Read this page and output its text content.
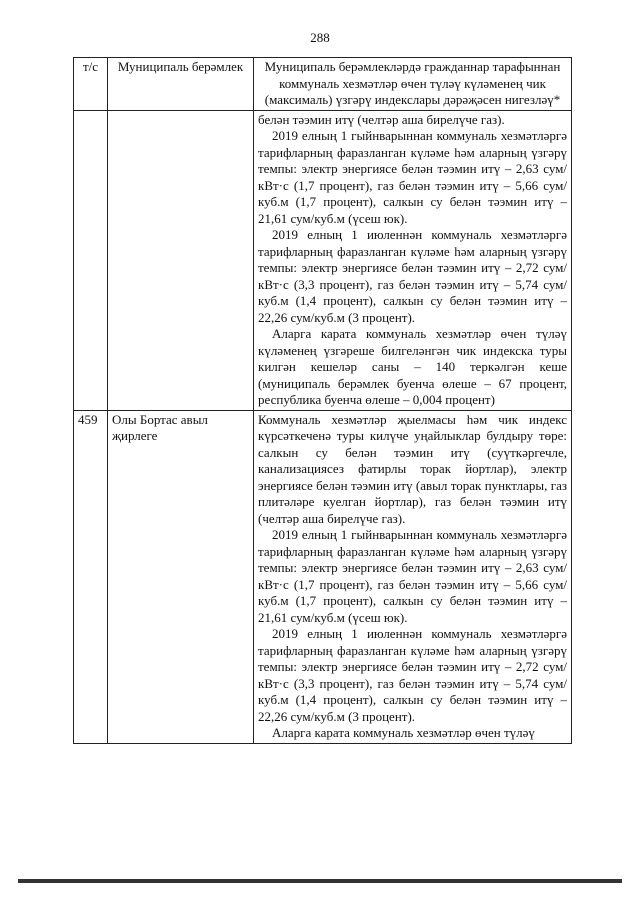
288
т/с	Муниципаль берәмлек	Муниципаль берәмлекләрдә гражданнар тарафыннан коммуналь хезмәтләр өчен түләү күләменең чик (максималь) үзгәрү индекслары дәрәҗәсен нигезләү*

		белән тәэмин итү (челтәр аша бирелүче газ).

2019 елның 1 гыйнварыннан коммуналь хезмәтләргә тарифларның фаразланган күләме һәм аларның үзгәрү темпы: электр энергиясе белән тәэмин итү – 2,63 сум/кВт·с (1,7 процент), газ белән тәэмин итү – 5,66 сум/куб.м (1,7 процент), салкын су белән тәэмин итү – 21,61 сум/куб.м (үсеш юк).

2019 елның 1 июленнән коммуналь хезмәтләргә тарифларның фаразланган күләме һәм аларның үзгәрү темпы: электр энергиясе белән тәэмин итү – 2,72 сум/кВт·с (3,3 процент), газ белән тәэмин итү – 5,74 сум/куб.м (1,4 процент), салкын су белән тәэмин итү – 22,26 сум/куб.м (3 процент).

Аларга карата коммуналь хезмәтләр өчен түләү күләменең үзгәреше билгеләнгән чик индекска туры килгән кешеләр саны – 140 теркәлгән кеше (муниципаль берәмлек буенча өлеше – 67 процент, республика буенча өлеше – 0,004 процент)

459	Олы Бортас авыл җирлеге	Коммуналь хезмәтләр җыелмасы һәм чик индекс күрсәткеченә туры килүче уңайлыклар булдыру төре: салкын су белән тәэмин итү (суүткәргечле, канализациясез фатирлы торак йортлар), электр энергиясе белән тәэмин итү (авыл торак пунктлары, газ плитәләре куелган йортлар), газ белән тәэмин итү (челтәр аша бирелүче газ).

2019 елның 1 гыйнварыннан коммуналь хезмәтләргә тарифларның фаразланган күләме һәм аларның үзгәрү темпы: электр энергиясе белән тәэмин итү – 2,63 сум/кВт·с (1,7 процент), газ белән тәэмин итү – 5,66 сум/куб.м (1,7 процент), салкын су белән тәэмин итү – 21,61 сум/куб.м (үсеш юк).

2019 елның 1 июленнән коммуналь хезмәтләргә тарифларның фаразланган күләме һәм аларның үзгәрү темпы: электр энергиясе белән тәэмин итү – 2,72 сум/кВт·с (3,3 процент), газ белән тәэмин итү – 5,74 сум/куб.м (1,4 процент), салкын су белән тәэмин итү – 22,26 сум/куб.м (3 процент).

Аларга карата коммуналь хезмәтләр өчен түләү
